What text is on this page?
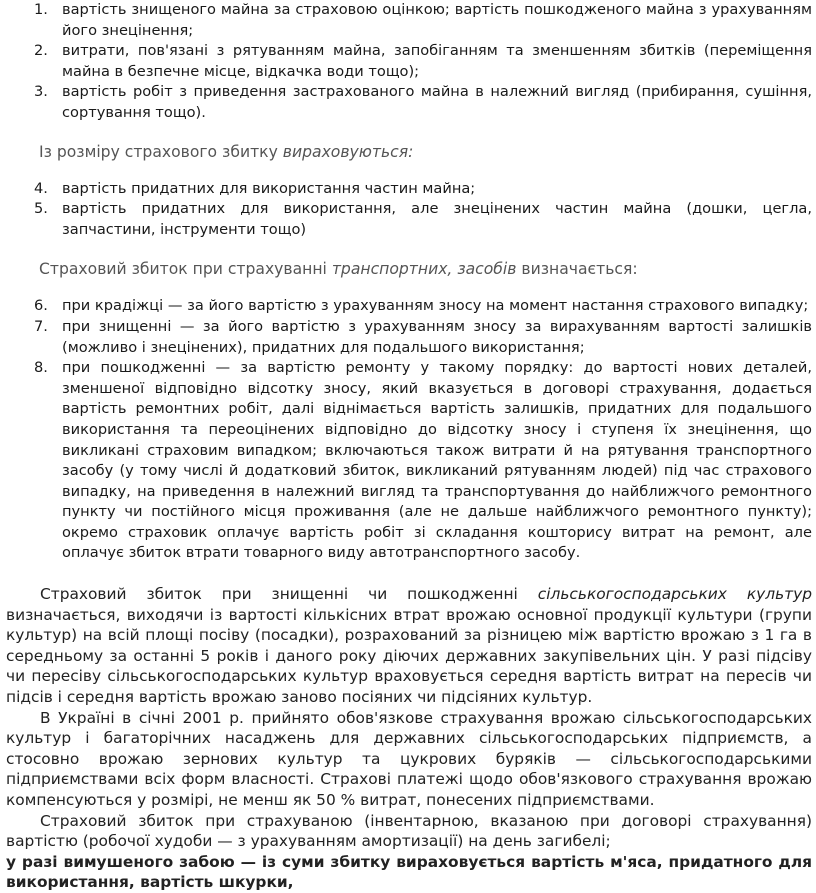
1. вартість знищеного майна за страховою оцінкою; вартість пошкодженого майна з урахуванням його знецінення;
2. витрати, пов'язані з рятуванням майна, запобіганням та зменшенням збитків (переміщення майна в безпечне місце, відкачка води тощо);
3. вартість робіт з приведення застрахованого майна в належний вигляд (прибирання, сушіння, сортування тощо).
Із розміру страхового збитку вираховуються:
4. вартість придатних для використання частин майна;
5. вартість придатних для використання, але знецінених частин майна (дошки, цегла, запчастини, інструменти тощо)
Страховий збиток при страхуванні транспортних, засобів визначається:
6. при крадіжці — за його вартістю з урахуванням зносу на момент настання страхового випадку;
7. при знищенні — за його вартістю з урахуванням зносу за вирахуванням вартості залишків (можливо і знецінених), придатних для подальшого використання;
8. при пошкодженні — за вартістю ремонту у такому порядку: до вартості нових деталей, зменшеної відповідно відсотку зносу, який вказується в договорі страхування, додається вартість ремонтних робіт, далі віднімається вартість залишків, придатних для подальшого використання та переоцінених відповідно до відсотку зносу і ступеня їх знецінення, що викликані страховим випадком; включаються також витрати й на рятування транспортного засобу (у тому числі й додатковий збиток, викликаний рятуванням людей) під час страхового випадку, на приведення в належний вигляд та транспортування до найближчого ремонтного пункту чи постійного місця проживання (але не дальше найближчого ремонтного пункту); окремо страховик оплачує вартість робіт зі складання кошторису витрат на ремонт, але оплачує збиток втрати товарного виду автотранспортного засобу.

Страховий збиток при знищенні чи пошкодженні сільськогосподарських культур визначається, виходячи із вартості кількісних втрат врожаю основної продукції культури (групи культур) на всій площі посіву (посадки), розрахований за різницею між вартістю врожаю з 1 га в середньому за останні 5 років і даного року діючих державних закупівельних цін. У разі підсіву чи пересіву сільськогосподарських культур враховується середня вартість витрат на пересів чи підсів і середня вартість врожаю заново посіяних чи підсіяних культур.

В Україні в січні 2001 р. прийнято обов'язкове страхування врожаю сільськогосподарських культур і багаторічних насаджень для державних сільськогосподарських підприємств, а стосовно врожаю зернових культур та цукрових буряків — сільськогосподарськими підприємствами всіх форм власності. Страхові платежі щодо обов'язкового страхування врожаю компенсуються у розмірі, не менш як 50 % витрат, понесених підприємствами.

Страховий збиток при страхуваною (інвентарною, вказаною при договорі страхування) вартістю (робочої худоби — з урахуванням амортизації) на день загибелі;

у разі вимушеного забою — із суми збитку вираховується вартість м'яса, придатного для використання, вартість шкурки,
